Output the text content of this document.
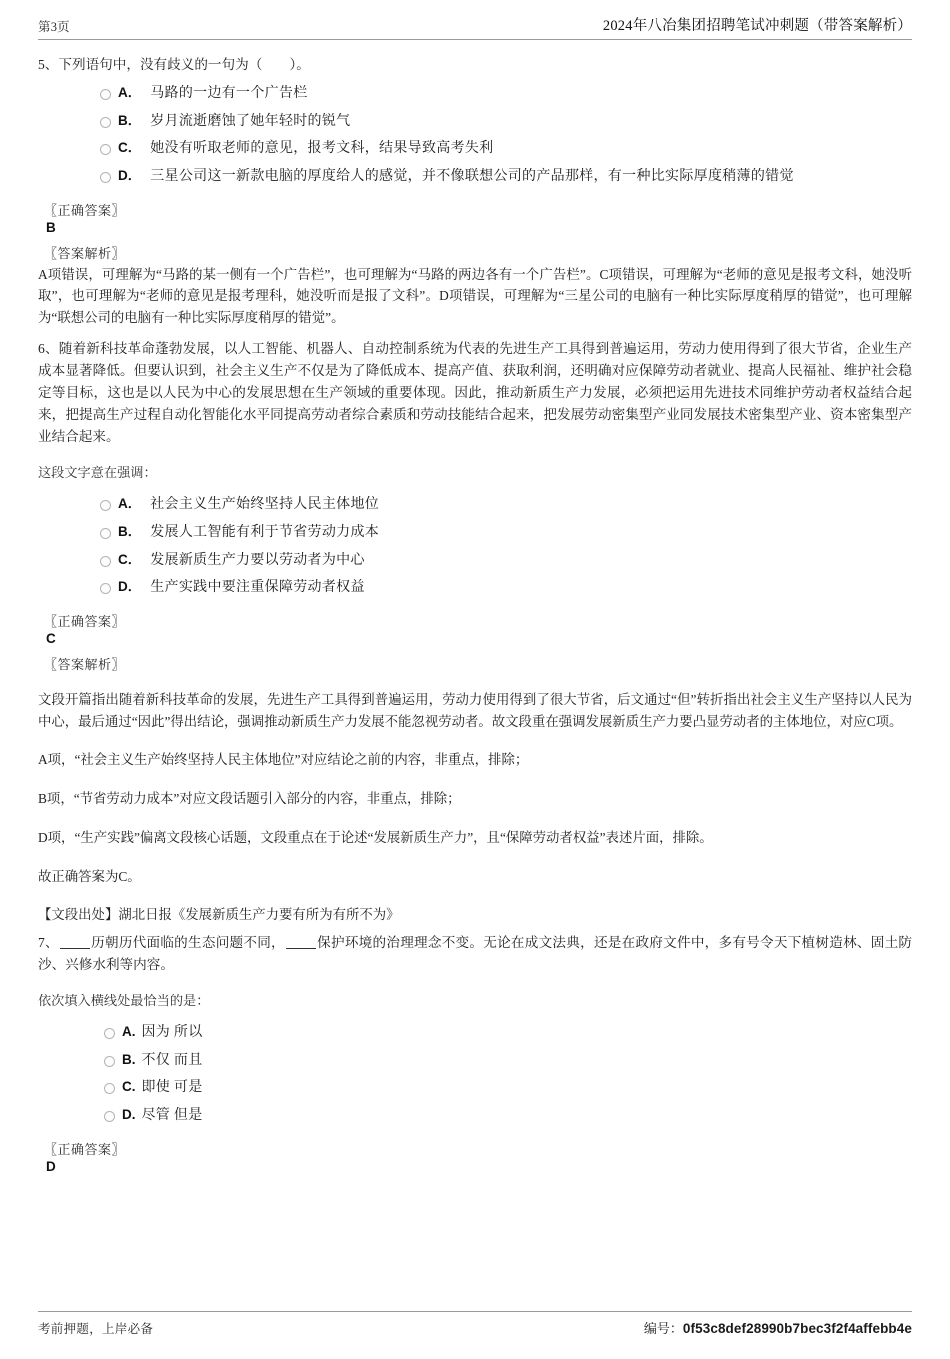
第3页	2024年八冶集团招聘笔试冲刺题（带答案解析）

5、下列语句中，没有歧义的一句为（　　）。

A． 马路的一边有一个广告栏
B． 岁月流逝磨蚀了她年轻时的锐气
C． 她没有听取老师的意见，报考文科，结果导致高考失利
D． 三星公司这一新款电脑的厚度给人的感觉，并不像联想公司的产品那样，有一种比实际厚度稍薄的错觉
〖正确答案〗
B
〖答案解析〗
A项错误，可理解为“马路的某一侧有一个广告栏”，也可理解为“马路的两边各有一个广告栏”。C项错误，可理解为“老师的意见是报考文科，她没听取”，也可理解为“老师的意见是报考理科，她没听而是报了文科”。D项错误，可理解为“三星公司的电脑有一种比实际厚度稍厚的错觉”，也可理解为“联想公司的电脑有一种比实际厚度稍厚的错觉”。

6、随着新科技革命蓬勃发展，以人工智能、机器人、自动控制系统为代表的先进生产工具得到普遍运用，劳动力使用得到了很大节省，企业生产成本显著降低。但要认识到，社会主义生产不仅是为了降低成本、提高产值、获取利润，还明确对应保障劳动者就业、提高人民福祉、维护社会稳定等目标，这也是以人民为中心的发展思想在生产领域的重要体现。因此，推动新质生产力发展，必须把运用先进技术同维护劳动者权益结合起来，把提高生产过程自动化智能化水平同提高劳动者综合素质和劳动技能结合起来，把发展劳动密集型产业同发展技术密集型产业、资本密集型产业结合起来。

这段文字意在强调：

A． 社会主义生产始终坚持人民主体地位
B． 发展人工智能有利于节省劳动力成本
C． 发展新质生产力要以劳动者为中心
D． 生产实践中要注重保障劳动者权益
〖正确答案〗
C
〖答案解析〗

文段开篇指出随着新科技革命的发展，先进生产工具得到普遍运用，劳动力使用得到了很大节省，后文通过“但”转折指出社会主义生产坚持以人民为中心，最后通过“因此”得出结论，强调推动新质生产力发展不能忽视劳动者。故文段重在强调发展新质生产力要凸显劳动者的主体地位，对应C项。

A项，“社会主义生产始终坚持人民主体地位”对应结论之前的内容，非重点，排除；

B项，“节省劳动力成本”对应文段话题引入部分的内容，非重点，排除；

D项，“生产实践”偏离文段核心话题，文段重点在于论述“发展新质生产力”，且“保障劳动者权益”表述片面，排除。

故正确答案为C。

【文段出处】湖北日报《发展新质生产力要有所为有所不为》

7、 历朝历代面临的生态问题不同， 保护环境的治理理念不变。无论在成文法典，还是在政府文件中，多有号令天下植树造林、固土防沙、兴修水利等内容。

依次填入横线处最恰当的是：

A. 因为 所以
B. 不仅 而且
C. 即使 可是
D. 尽管 但是
〖正确答案〗
D
考前押题，上岸必备	编号：0f53c8def28990b7bec3f2f4affebb4e
